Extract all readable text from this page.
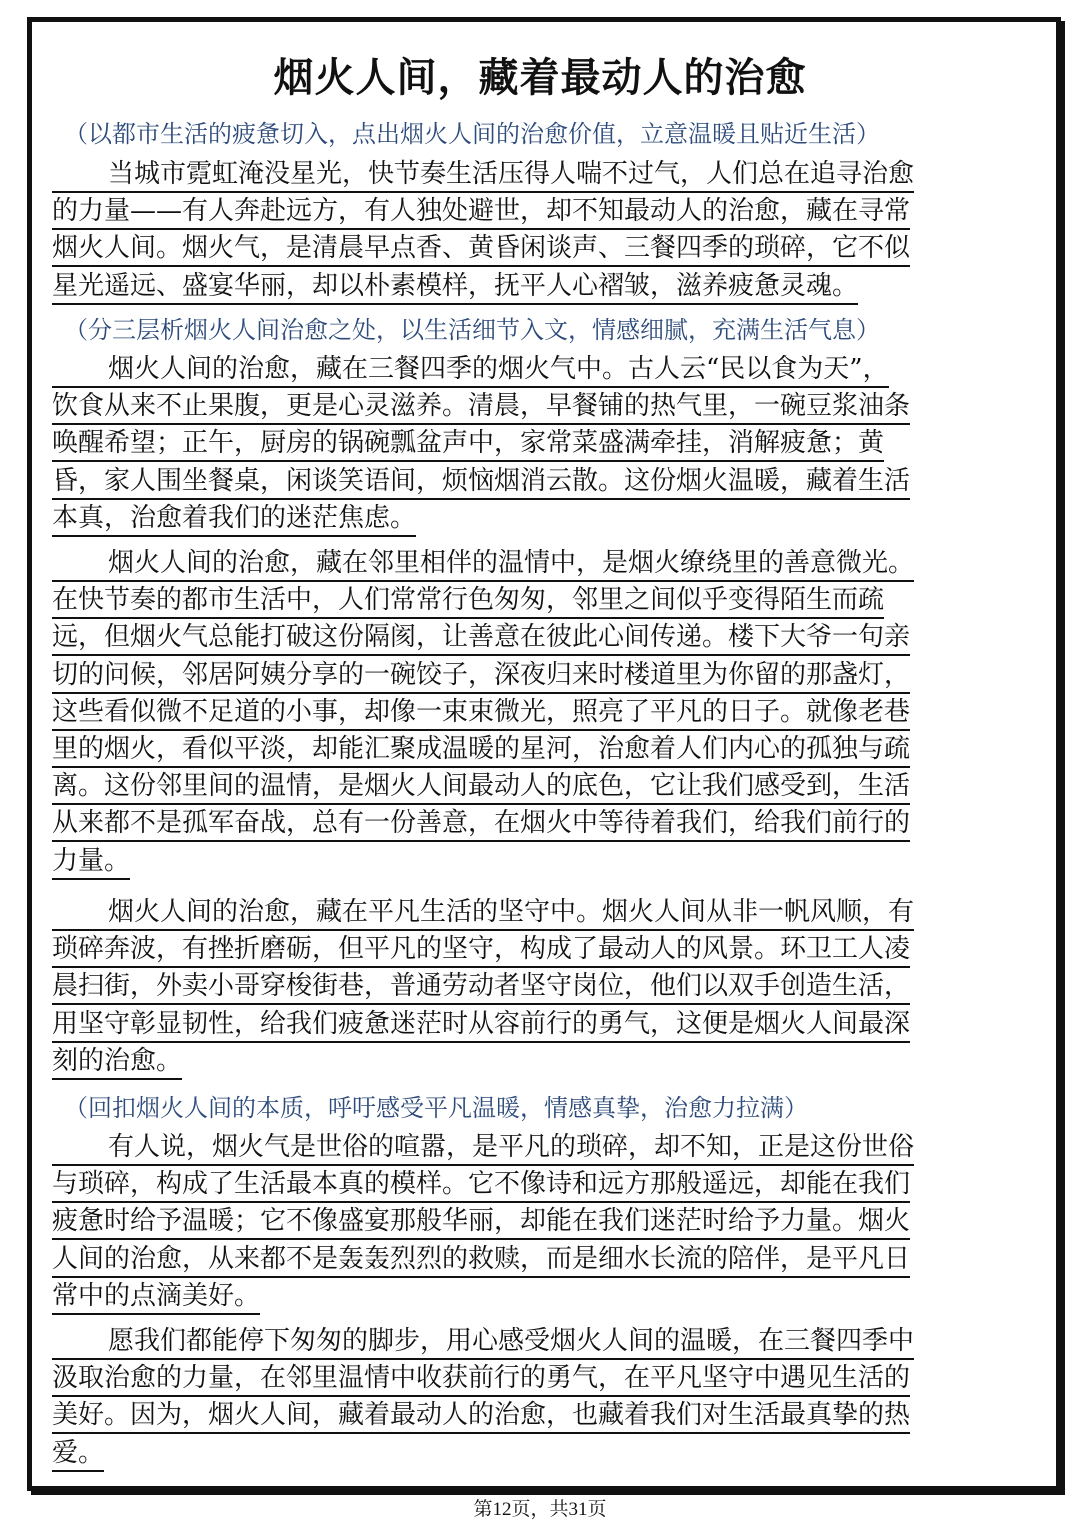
烟火人间，藏着最动人的治愈
（以都市生活的疲惫切入，点出烟火人间的治愈价值，立意温暖且贴近生活）
当城市霓虹淹没星光，快节奏生活压得人喘不过气，人们总在追寻治愈
的力量——有人奔赴远方，有人独处避世，却不知最动人的治愈，藏在寻常
烟火人间。烟火气，是清晨早点香、黄昏闲谈声、三餐四季的琐碎，它不似
星光遥远、盛宴华丽，却以朴素模样，抚平人心褶皱，滋养疲惫灵魂。
（分三层析烟火人间治愈之处，以生活细节入文，情感细腻，充满生活气息）
烟火人间的治愈，藏在三餐四季的烟火气中。古人云“民以食为天”，
饮食从来不止果腹，更是心灵滋养。清晨，早餐铺的热气里，一碗豆浆油条
唤醒希望；正午，厨房的锅碗瓢盆声中，家常菜盛满牵挂，消解疲惫；黄
昏，家人围坐餐桌，闲谈笑语间，烦恼烟消云散。这份烟火温暖，藏着生活
本真，治愈着我们的迷茫焦虑。
烟火人间的治愈，藏在邻里相伴的温情中，是烟火缭绕里的善意微光。
在快节奏的都市生活中，人们常常行色匆匆，邻里之间似乎变得陌生而疏
远，但烟火气总能打破这份隔阂，让善意在彼此心间传递。楼下大爷一句亲
切的问候，邻居阿姨分享的一碗饺子，深夜归来时楼道里为你留的那盏灯，
这些看似微不足道的小事，却像一束束微光，照亮了平凡的日子。就像老巷
里的烟火，看似平淡，却能汇聚成温暖的星河，治愈着人们内心的孤独与疏
离。这份邻里间的温情，是烟火人间最动人的底色，它让我们感受到，生活
从来都不是孤军奋战，总有一份善意，在烟火中等待着我们，给我们前行的
力量。
烟火人间的治愈，藏在平凡生活的坚守中。烟火人间从非一帆风顺，有
琐碎奔波，有挫折磨砺，但平凡的坚守，构成了最动人的风景。环卫工人凌
晨扫街，外卖小哥穿梭街巷，普通劳动者坚守岗位，他们以双手创造生活，
用坚守彰显韧性，给我们疲惫迷茫时从容前行的勇气，这便是烟火人间最深
刻的治愈。
（回扣烟火人间的本质，呼吁感受平凡温暖，情感真挚，治愈力拉满）
有人说，烟火气是世俗的喧嚣，是平凡的琐碎，却不知，正是这份世俗
与琐碎，构成了生活最本真的模样。它不像诗和远方那般遥远，却能在我们
疲惫时给予温暖；它不像盛宴那般华丽，却能在我们迷茫时给予力量。烟火
人间的治愈，从来都不是轰轰烈烈的救赎，而是细水长流的陪伴，是平凡日
常中的点滴美好。
愿我们都能停下匆匆的脚步，用心感受烟火人间的温暖，在三餐四季中
汲取治愈的力量，在邻里温情中收获前行的勇气，在平凡坚守中遇见生活的
美好。因为，烟火人间，藏着最动人的治愈，也藏着我们对生活最真挚的热
爱。
第12页，共31页
